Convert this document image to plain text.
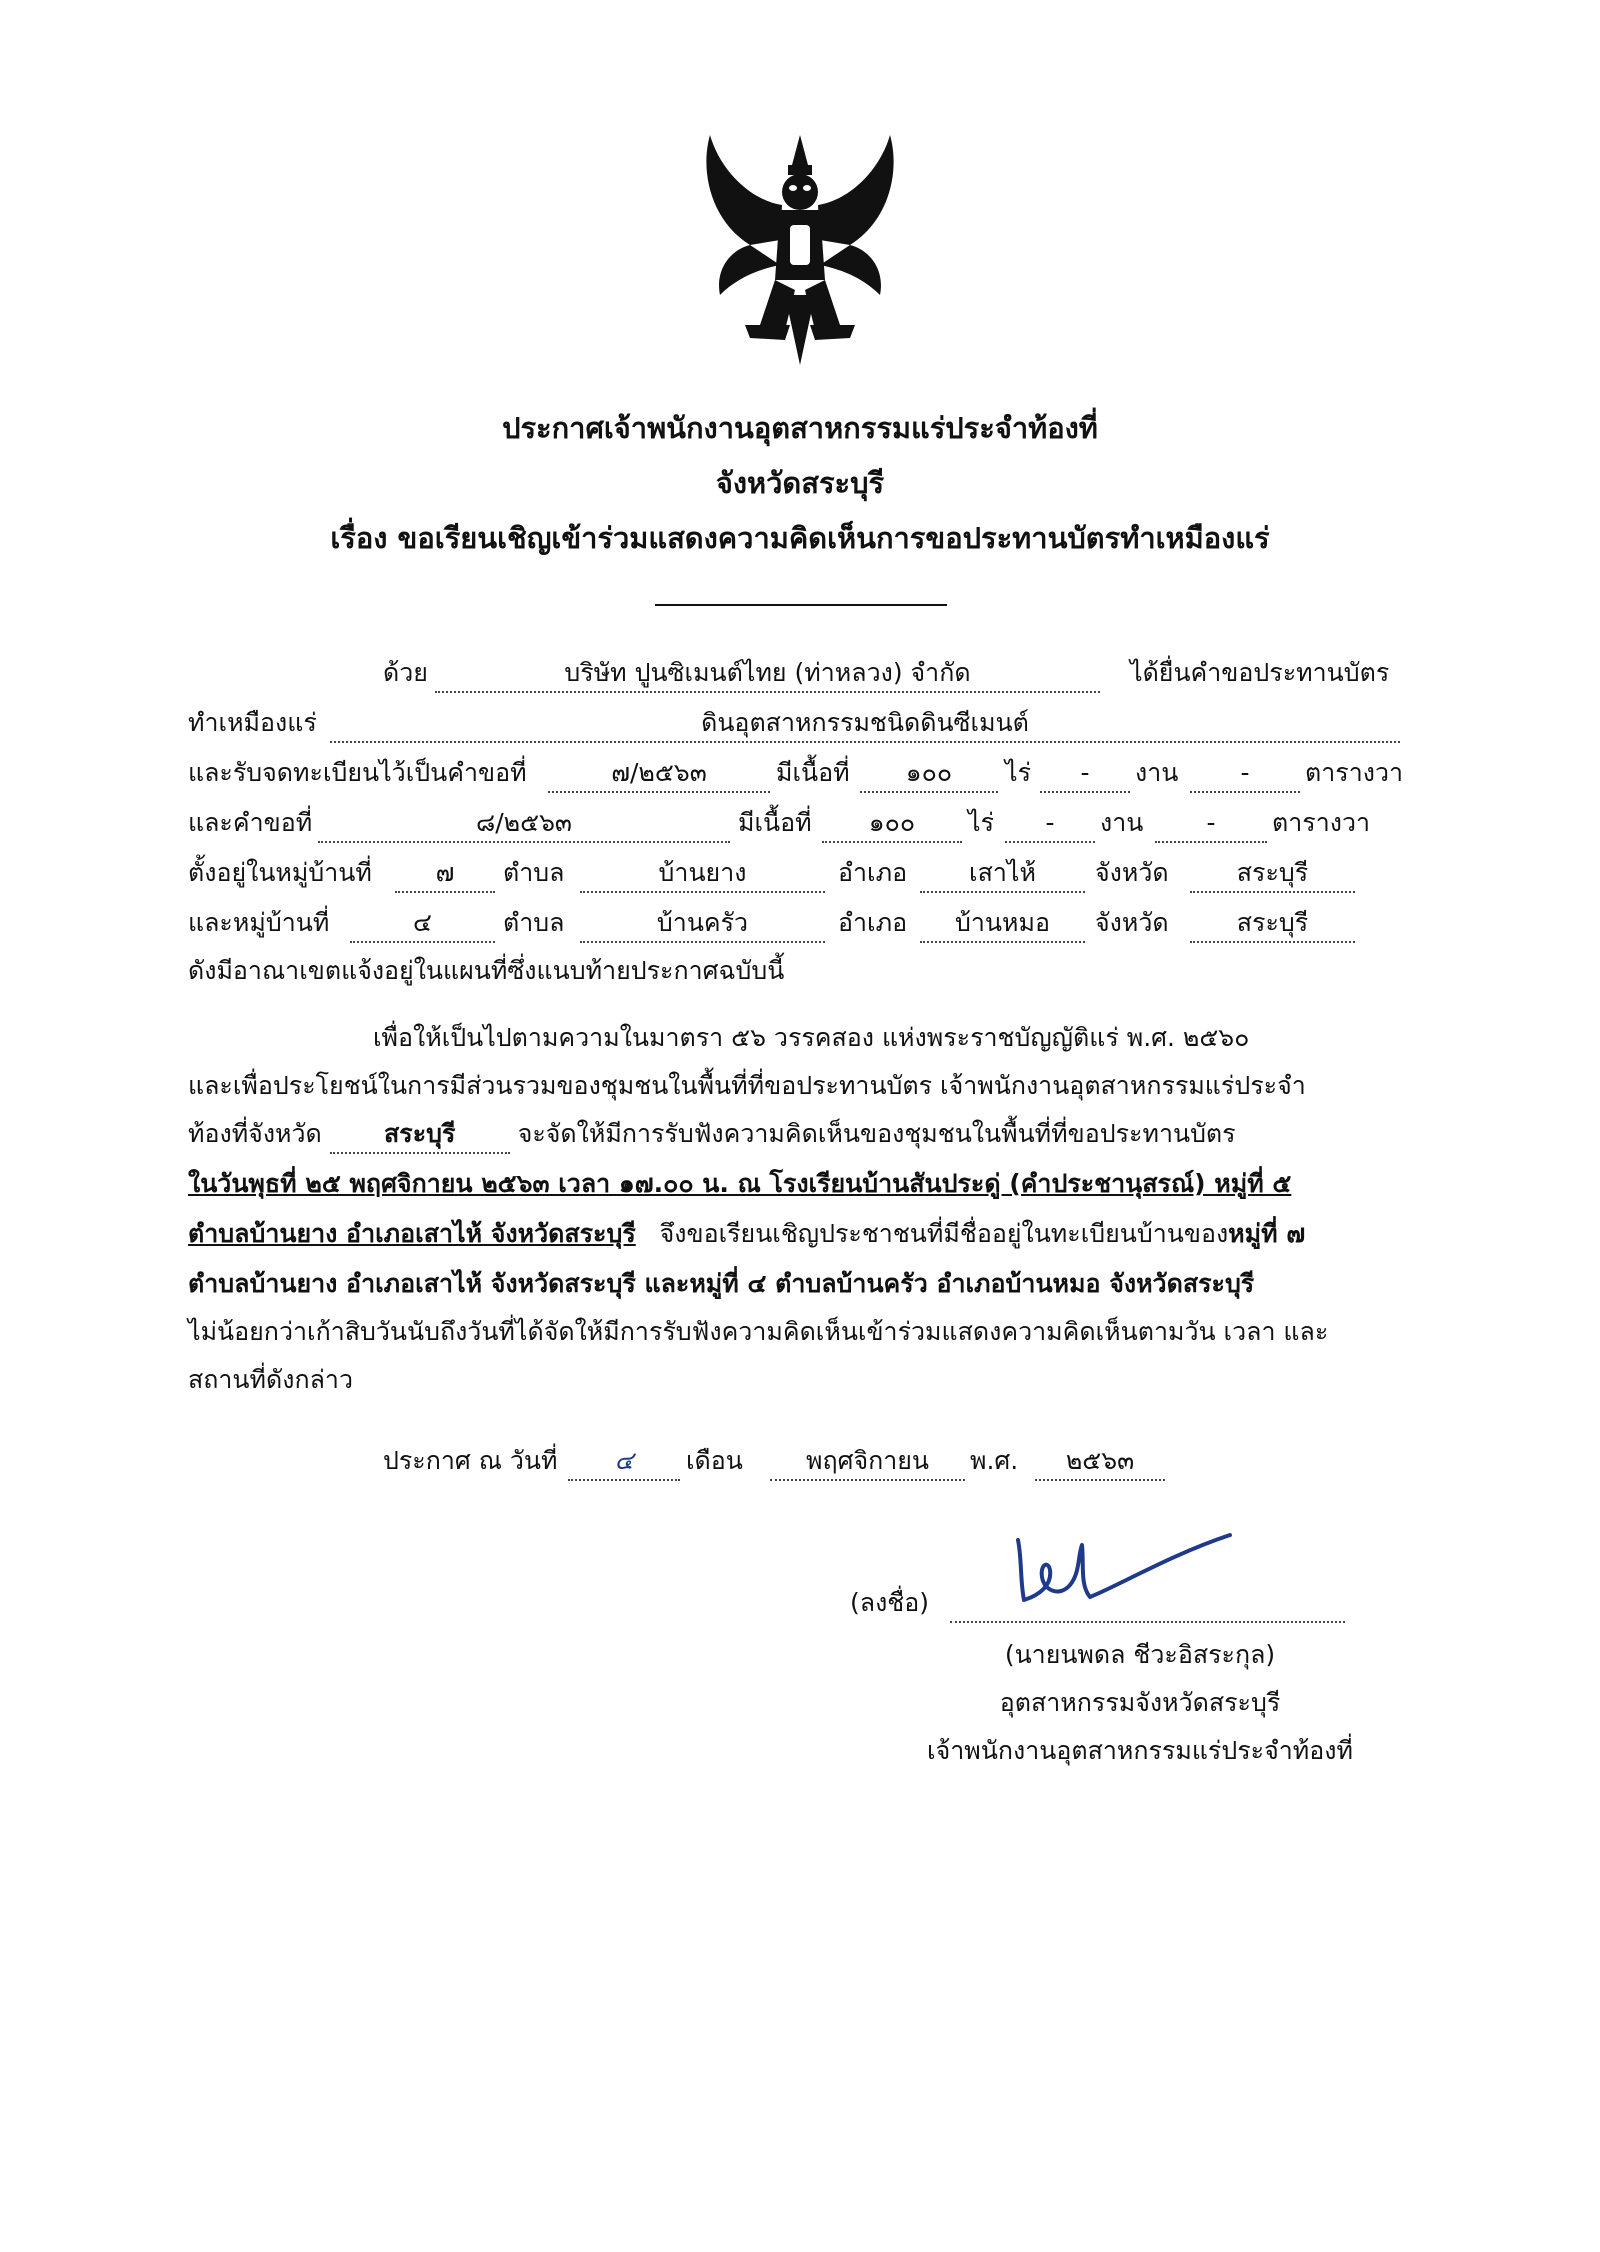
ประกาศเจ้าพนักงานอุตสาหกรรมแร่ประจำท้องที่
จังหวัดสระบุรี
เรื่อง ขอเรียนเชิญเข้าร่วมแสดงความคิดเห็นการขอประทานบัตรทำเหมืองแร่
ด้วย	บริษัท ปูนซิเมนต์ไทย (ท่าหลวง) จำกัด	ได้ยื่นคำขอประทานบัตร
ทำเหมืองแร่	ดินอุตสาหกรรมชนิดดินซีเมนต์
และรับจดทะเบียนไว้เป็นคำขอที่	๗/๒๕๖๓	มีเนื้อที่	๑๐๐	ไร่	-	งาน	-	ตารางวา
และคำขอที่	๘/๒๕๖๓	มีเนื้อที่	๑๐๐	ไร่	-	งาน	-	ตารางวา
ตั้งอยู่ในหมู่บ้านที่	๗	ตำบล	บ้านยาง	อำเภอ	เสาไห้	จังหวัด	สระบุรี
และหมู่บ้านที่	๔	ตำบล	บ้านครัว	อำเภอ	บ้านหมอ	จังหวัด	สระบุรี
ดังมีอาณาเขตแจ้งอยู่ในแผนที่ซึ่งแนบท้ายประกาศฉบับนี้
เพื่อให้เป็นไปตามความในมาตรา ๕๖ วรรคสอง แห่งพระราชบัญญัติแร่ พ.ศ. ๒๕๖๐
และเพื่อประโยชน์ในการมีส่วนรวมของชุมชนในพื้นที่ที่ขอประทานบัตร เจ้าพนักงานอุตสาหกรรมแร่ประจำ
ท้องที่จังหวัด สระบุรี จะจัดให้มีการรับฟังความคิดเห็นของชุมชนในพื้นที่ที่ขอประทานบัตร
ในวันพุธที่ ๒๕ พฤศจิกายน ๒๕๖๓ เวลา ๑๗.๐๐ น. ณ โรงเรียนบ้านสันประดู่ (คำประชานุสรณ์) หมู่ที่ ๕
ตำบลบ้านยาง อำเภอเสาไห้ จังหวัดสระบุรี จึงขอเรียนเชิญประชาชนที่มีชื่ออยู่ในทะเบียนบ้านของหมู่ที่ ๗
ตำบลบ้านยาง อำเภอเสาไห้ จังหวัดสระบุรี และหมู่ที่ ๔ ตำบลบ้านครัว อำเภอบ้านหมอ จังหวัดสระบุรี
ไม่น้อยกว่าเก้าสิบวันนับถึงวันที่ได้จัดให้มีการรับฟังความคิดเห็นเข้าร่วมแสดงความคิดเห็นตามวัน เวลา และ
สถานที่ดังกล่าว
ประกาศ ณ วันที่	๔	เดือน	พฤศจิกายน	พ.ศ.	๒๕๖๓
(ลงชื่อ)
(นายนพดล ชีวะอิสระกุล)
อุตสาหกรรมจังหวัดสระบุรี
เจ้าพนักงานอุตสาหกรรมแร่ประจำท้องที่
